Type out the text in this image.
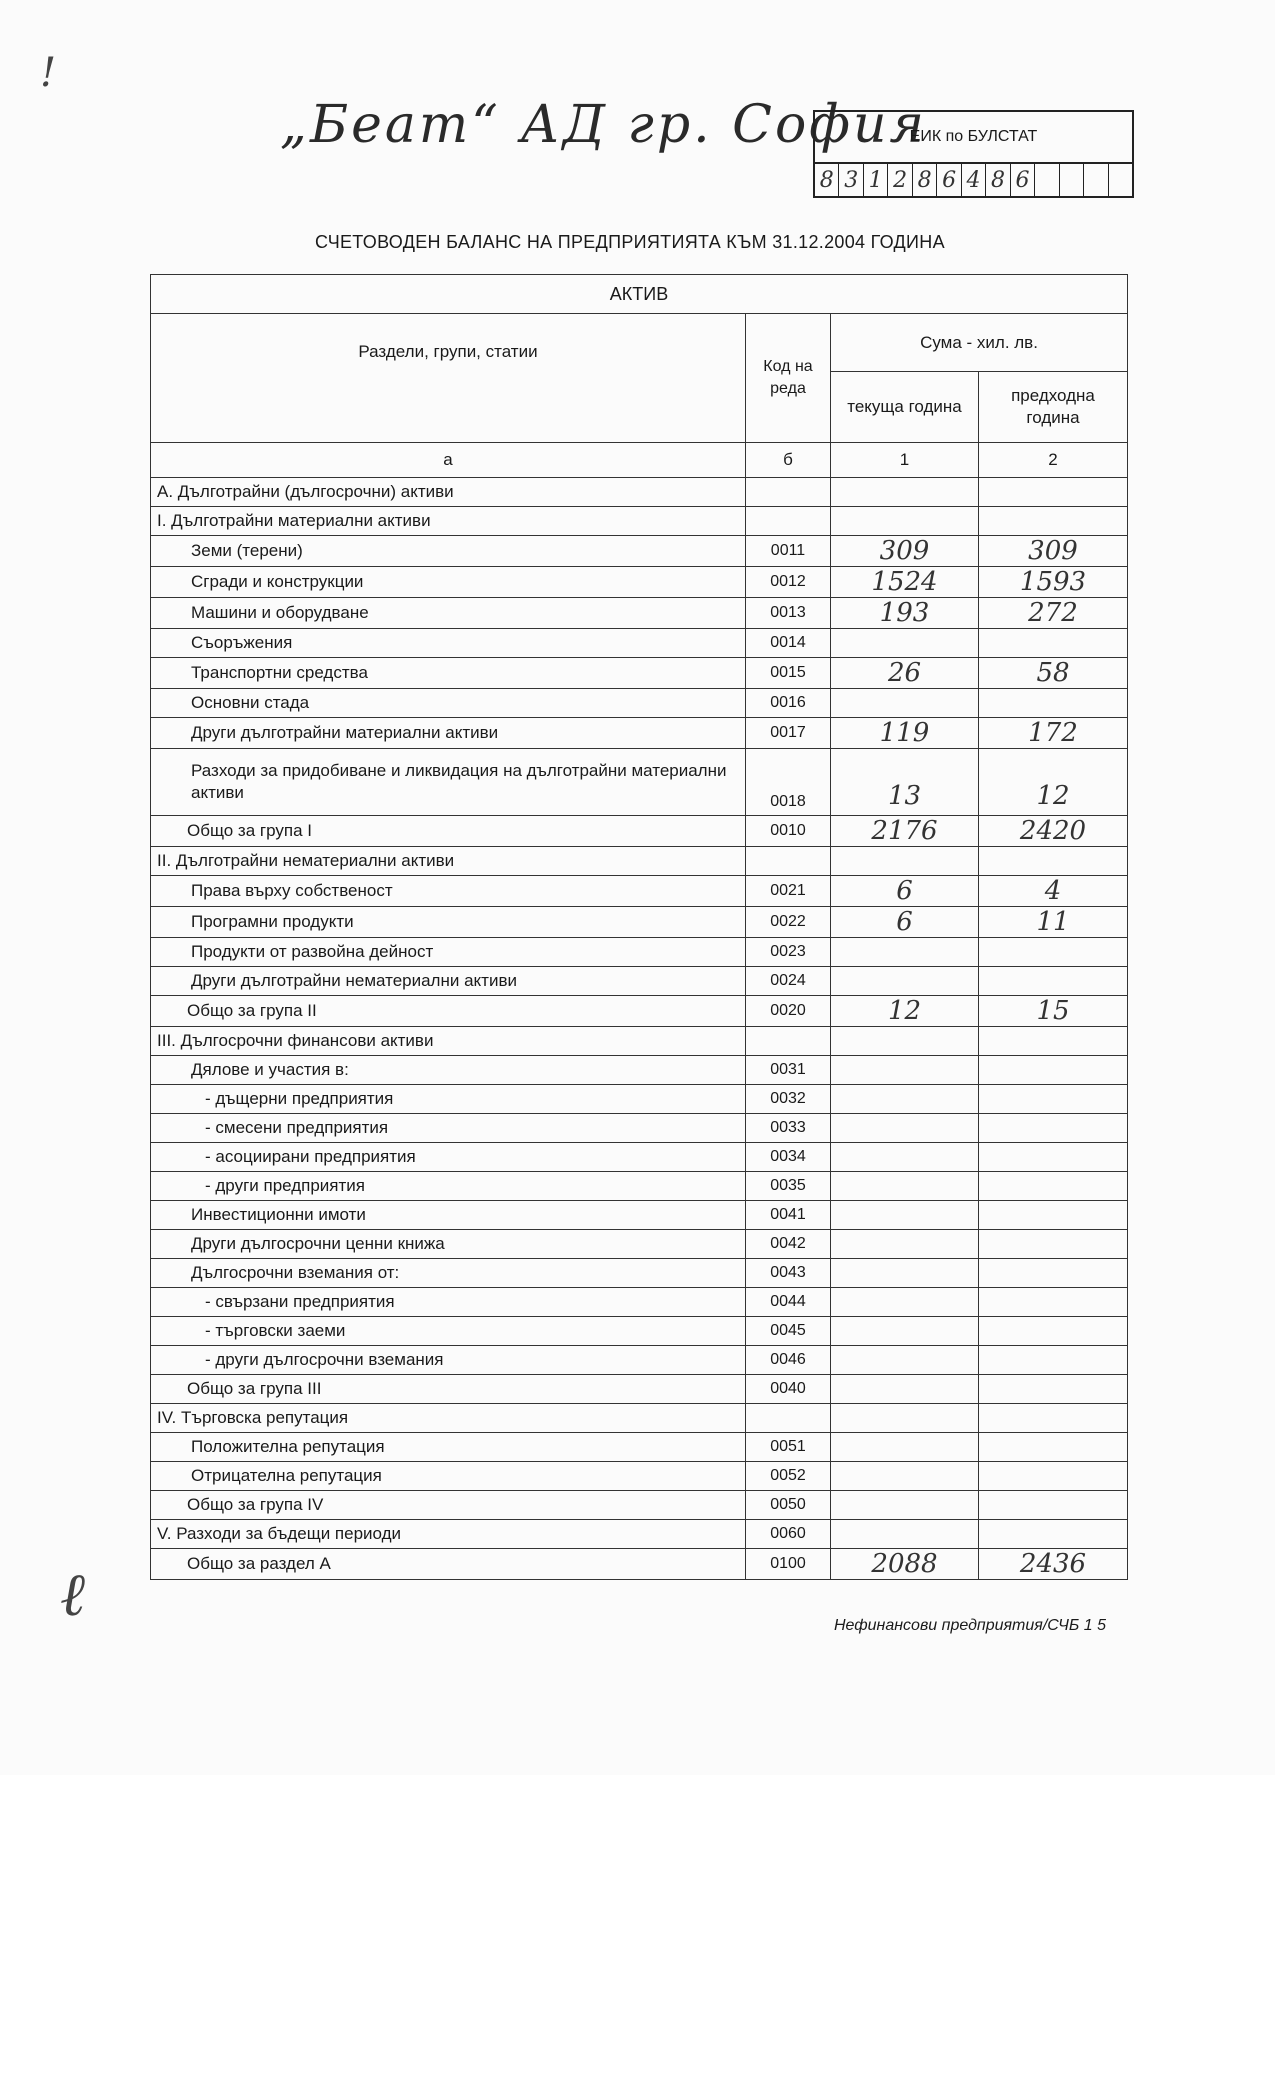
„Беат“ АД гр. София
ЕИК по БУЛСТАТ
8 3 1 2 8 6 4 8 6
СЧЕТОВОДЕН БАЛАНС НА ПРЕДПРИЯТИЯТА КЪМ 31.12.2004 ГОДИНА
АКТИВ			
Раздели, групи, статии	Код на реда	Сума - хил. лв.	
		текуща година	предходна година
а	б	1	2
А. Дълготрайни (дългосрочни) активи			
I. Дълготрайни материални активи			
Земи (терени)	0011	309	309
Сгради и конструкции	0012	1524	1593
Машини и оборудване	0013	193	272
Съоръжения	0014		
Транспортни средства	0015	26	58
Основни стада	0016		
Други дълготрайни материални активи	0017	119	172
Разходи за придобиване и ликвидация на дълготрайни материални активи	0018	13	12
Общо за група I	0010	2176	2420
II. Дълготрайни нематериални активи			
Права върху собственост	0021	6	4
Програмни продукти	0022	6	11
Продукти от развойна дейност	0023		
Други дълготрайни нематериални активи	0024		
Общо за група II	0020	12	15
III. Дългосрочни финансови активи			
Дялове и участия в:	0031		
- дъщерни предприятия	0032		
- смесени предприятия	0033		
- асоциирани предприятия	0034		
- други предприятия	0035		
Инвестиционни имоти	0041		
Други дългосрочни ценни книжа	0042		
Дългосрочни вземания от:	0043		
- свързани предприятия	0044		
- търговски заеми	0045		
- други дългосрочни вземания	0046		
Общо за група III	0040		
IV. Търговска репутация			
Положителна репутация	0051		
Отрицателна репутация	0052		
Общо за група IV	0050		
V. Разходи за бъдещи периоди	0060		
Общо за раздел А	0100	2088	2436
Нефинансови предприятия/СЧБ 1 5
!
ℓ
